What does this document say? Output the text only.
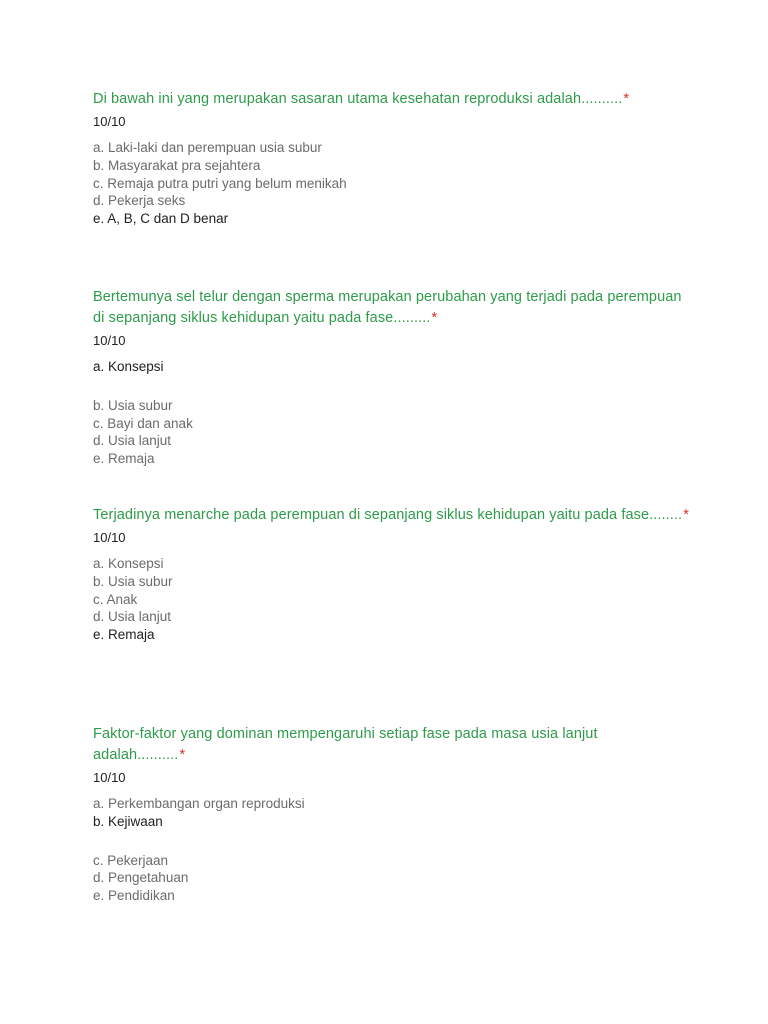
Di bawah ini yang merupakan sasaran utama kesehatan reproduksi adalah..........*
10/10
a. Laki-laki dan perempuan usia subur
b. Masyarakat pra sejahtera
c. Remaja putra putri yang belum menikah
d. Pekerja seks
e. A, B, C dan D benar
Bertemunya sel telur dengan sperma merupakan perubahan yang terjadi pada perempuan di sepanjang siklus kehidupan yaitu pada fase.........*
10/10
a. Konsepsi
b. Usia subur
c. Bayi dan anak
d. Usia lanjut
e. Remaja
Terjadinya menarche pada perempuan di sepanjang siklus kehidupan yaitu pada fase........*
10/10
a. Konsepsi
b. Usia subur
c. Anak
d. Usia lanjut
e. Remaja
Faktor-faktor yang dominan mempengaruhi setiap fase pada masa usia lanjut adalah..........*
10/10
a. Perkembangan organ reproduksi
b. Kejiwaan
c. Pekerjaan
d. Pengetahuan
e. Pendidikan
